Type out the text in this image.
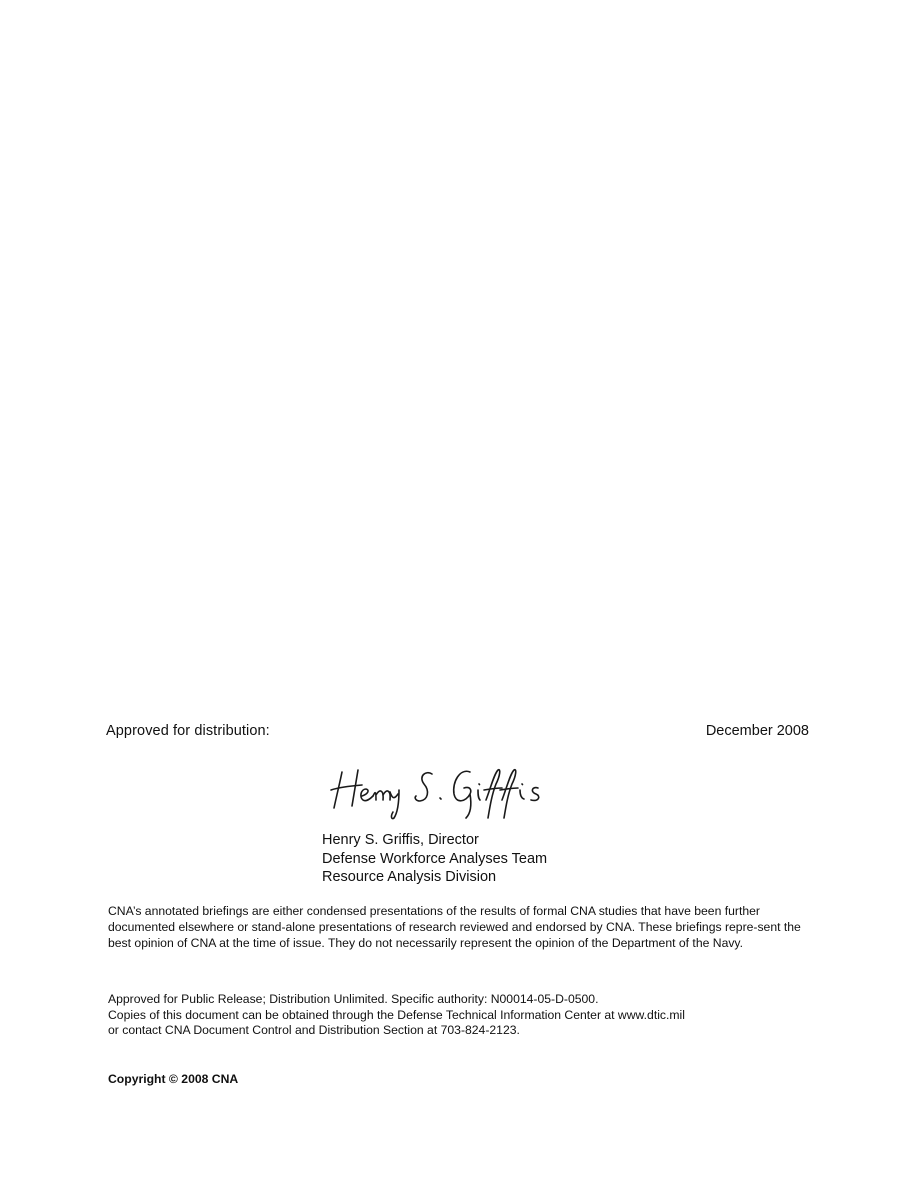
Approved for distribution:	December 2008
Henry S. Griffis, Director
Defense Workforce Analyses Team
Resource Analysis Division
CNA’s annotated briefings are either condensed presentations of the results of formal CNA studies that have been further documented elsewhere or stand-alone presentations of research reviewed and endorsed by CNA. These briefings repre-sent the best opinion of CNA at the time of issue. They do not necessarily represent the opinion of the Department of the Navy.
Approved for Public Release; Distribution Unlimited. Specific authority: N00014-05-D-0500.
Copies of this document can be obtained through the Defense Technical Information Center at www.dtic.mil
or contact CNA Document Control and Distribution Section at 703-824-2123.
Copyright © 2008 CNA
